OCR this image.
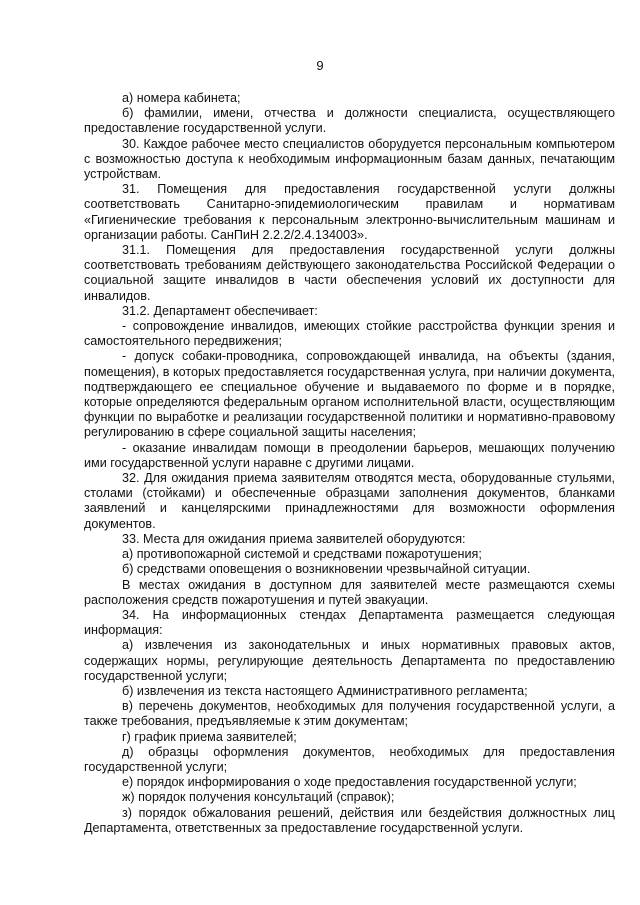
9

а) номера кабинета;

б) фамилии, имени, отчества и должности специалиста, осуществляющего предоставление государственной услуги.

30. Каждое рабочее место специалистов оборудуется персональным компьютером с возможностью доступа к необходимым информационным базам данных, печатающим устройствам.

31. Помещения для предоставления государственной услуги должны соответствовать Санитарно-эпидемиологическим правилам и нормативам «Гигиенические требования к персональным электронно-вычислительным машинам и организации работы. СанПиН 2.2.2/2.4.134003».

31.1. Помещения для предоставления государственной услуги должны соответствовать требованиям действующего законодательства Российской Федерации о социальной защите инвалидов в части обеспечения условий их доступности для инвалидов.

31.2. Департамент обеспечивает:

- сопровождение инвалидов, имеющих стойкие расстройства функции зрения и самостоятельного передвижения;

- допуск собаки-проводника, сопровождающей инвалида, на объекты (здания, помещения), в которых предоставляется государственная услуга, при наличии документа, подтверждающего ее специальное обучение и выдаваемого по форме и в порядке, которые определяются федеральным органом исполнительной власти, осуществляющим функции по выработке и реализации государственной политики и нормативно-правовому регулированию в сфере социальной защиты населения;

- оказание инвалидам помощи в преодолении барьеров, мешающих получению ими государственной услуги наравне с другими лицами.

32. Для ожидания приема заявителям отводятся места, оборудованные стульями, столами (стойками) и обеспеченные образцами заполнения документов, бланками заявлений и канцелярскими принадлежностями для возможности оформления документов.

33. Места для ожидания приема заявителей оборудуются:

а) противопожарной системой и средствами пожаротушения;

б) средствами оповещения о возникновении чрезвычайной ситуации.

В местах ожидания в доступном для заявителей месте размещаются схемы расположения средств пожаротушения и путей эвакуации.

34. На информационных стендах Департамента размещается следующая информация:

а) извлечения из законодательных и иных нормативных правовых актов, содержащих нормы, регулирующие деятельность Департамента по предоставлению государственной услуги;

б) извлечения из текста настоящего Административного регламента;

в) перечень документов, необходимых для получения государственной услуги, а также требования, предъявляемые к этим документам;

г) график приема заявителей;

д) образцы оформления документов, необходимых для предоставления государственной услуги;

е) порядок информирования о ходе предоставления государственной услуги;

ж) порядок получения консультаций (справок);

з) порядок обжалования решений, действия или бездействия должностных лиц Департамента, ответственных за предоставление государственной услуги.
